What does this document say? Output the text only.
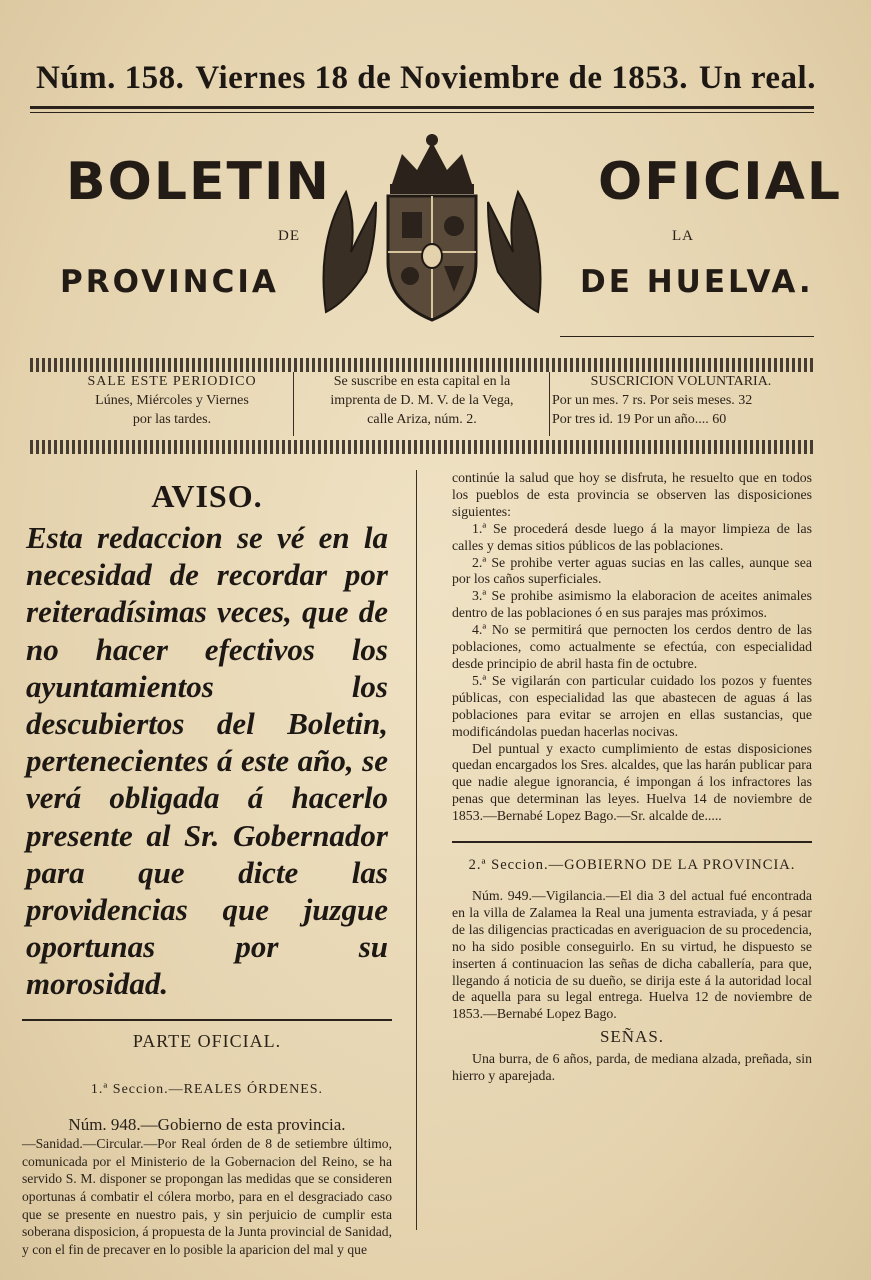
Núm. 158. Viernes 18 de Noviembre de 1853. Un real.
BOLETIN	OFICIAL
DE	LA
PROVINCIA	DE HUELVA.

SALE ESTE PERIODICO

Lúnes, Miércoles y Viernes

por las tardes.

Se suscribe en esta capital en la

imprenta de D. M. V. de la Vega,

calle Ariza, núm. 2.

SUSCRICION VOLUNTARIA.

Por un mes. 7 rs. Por seis meses. 32

Por tres id. 19 Por un año.... 60

AVISO.
Esta redaccion se vé en la necesidad de recordar por reiteradísimas veces, que de no hacer efectivos los ayuntamientos los descubiertos del Boletin, pertenecientes á este año, se verá obligada á hacerlo presente al Sr. Gobernador para que dicte las providencias que juzgue oportunas por su morosidad.
PARTE OFICIAL.
1.ª Seccion.—REALES ÓRDENES.

Núm. 948.—Gobierno de esta provincia.

—Sanidad.—Circular.—Por Real órden de 8 de setiembre último, comunicada por el Ministerio de la Gobernacion del Reino, se ha servido S. M. disponer se propongan las medidas que se consideren oportunas á combatir el cólera morbo, para en el desgraciado caso que se presente en nuestro pais, y sin perjuicio de cumplir esta soberana disposicion, á propuesta de la Junta provincial de Sanidad, y con el fin de precaver en lo posible la aparicion del mal y que

continúe la salud que hoy se disfruta, he resuelto que en todos los pueblos de esta provincia se observen las disposiciones siguientes:

1.ª Se procederá desde luego á la mayor limpieza de las calles y demas sitios públicos de las poblaciones.

2.ª Se prohibe verter aguas sucias en las calles, aunque sea por los caños superficiales.

3.ª Se prohibe asimismo la elaboracion de aceites animales dentro de las poblaciones ó en sus parajes mas próximos.

4.ª No se permitirá que pernocten los cerdos dentro de las poblaciones, como actualmente se efectúa, con especialidad desde principio de abril hasta fin de octubre.

5.ª Se vigilarán con particular cuidado los pozos y fuentes públicas, con especialidad las que abastecen de aguas á las poblaciones para evitar se arrojen en ellas sustancias, que modificándolas puedan hacerlas nocivas.

Del puntual y exacto cumplimiento de estas disposiciones quedan encargados los Sres. alcaldes, que las harán publicar para que nadie alegue ignorancia, é impongan á los infractores las penas que determinan las leyes. Huelva 14 de noviembre de 1853.—Bernabé Lopez Bago.—Sr. alcalde de.....

2.ª Seccion.—GOBIERNO DE LA PROVINCIA.

Núm. 949.—Vigilancia.—El dia 3 del actual fué encontrada en la villa de Zalamea la Real una jumenta estraviada, y á pesar de las diligencias practicadas en averiguacion de su procedencia, no ha sido posible conseguirlo. En su virtud, he dispuesto se inserten á continuacion las señas de dicha caballería, para que, llegando á noticia de su dueño, se dirija este á la autoridad local de aquella para su legal entrega. Huelva 12 de noviembre de 1853.—Bernabé Lopez Bago.

SEÑAS.

Una burra, de 6 años, parda, de mediana alzada, preñada, sin hierro y aparejada.
